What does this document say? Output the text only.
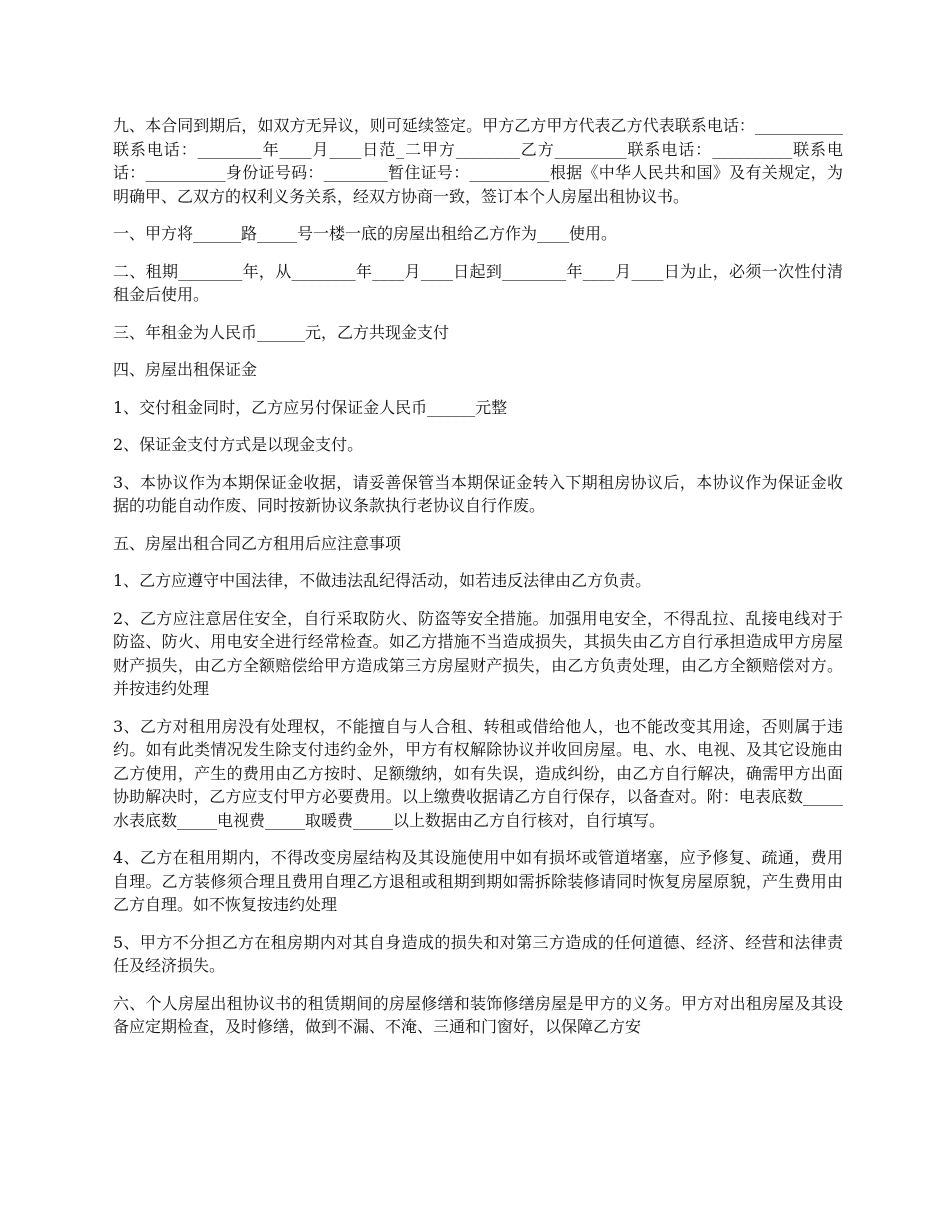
九、本合同到期后，如双方无异议，则可延续签定。甲方乙方甲方代表乙方代表联系电话：___________联系电话：________年____月____日范_二甲方________乙方_________联系电话：__________联系电话：__________身份证号码：________暂住证号：__________根据《中华人民共和国》及有关规定，为明确甲、乙双方的权利义务关系，经双方协商一致，签订本个人房屋出租协议书。

一、甲方将______路_____号一楼一底的房屋出租给乙方作为____使用。

二、租期________年，从________年____月____日起到________年____月____日为止，必须一次性付清租金后使用。

三、年租金为人民币______元，乙方共现金支付

四、房屋出租保证金

1、交付租金同时，乙方应另付保证金人民币______元整

2、保证金支付方式是以现金支付。

3、本协议作为本期保证金收据，请妥善保管当本期保证金转入下期租房协议后，本协议作为保证金收据的功能自动作废、同时按新协议条款执行老协议自行作废。

五、房屋出租合同乙方租用后应注意事项

1、乙方应遵守中国法律，不做违法乱纪得活动，如若违反法律由乙方负责。

2、乙方应注意居住安全，自行采取防火、防盗等安全措施。加强用电安全，不得乱拉、乱接电线对于防盗、防火、用电安全进行经常检查。如乙方措施不当造成损失，其损失由乙方自行承担造成甲方房屋财产损失，由乙方全额赔偿给甲方造成第三方房屋财产损失，由乙方负责处理，由乙方全额赔偿对方。并按违约处理

3、乙方对租用房没有处理权，不能擅自与人合租、转租或借给他人，也不能改变其用途，否则属于违约。如有此类情况发生除支付违约金外，甲方有权解除协议并收回房屋。电、水、电视、及其它设施由乙方使用，产生的费用由乙方按时、足额缴纳，如有失误，造成纠纷，由乙方自行解决，确需甲方出面协助解决时，乙方应支付甲方必要费用。以上缴费收据请乙方自行保存，以备查对。附：电表底数_____水表底数_____电视费_____取暖费_____以上数据由乙方自行核对，自行填写。

4、乙方在租用期内，不得改变房屋结构及其设施使用中如有损坏或管道堵塞，应予修复、疏通，费用自理。乙方装修须合理且费用自理乙方退租或租期到期如需拆除装修请同时恢复房屋原貌，产生费用由乙方自理。如不恢复按违约处理

5、甲方不分担乙方在租房期内对其自身造成的损失和对第三方造成的任何道德、经济、经营和法律责任及经济损失。

六、个人房屋出租协议书的租赁期间的房屋修缮和装饰修缮房屋是甲方的义务。甲方对出租房屋及其设备应定期检查，及时修缮，做到不漏、不淹、三通和门窗好，以保障乙方安
